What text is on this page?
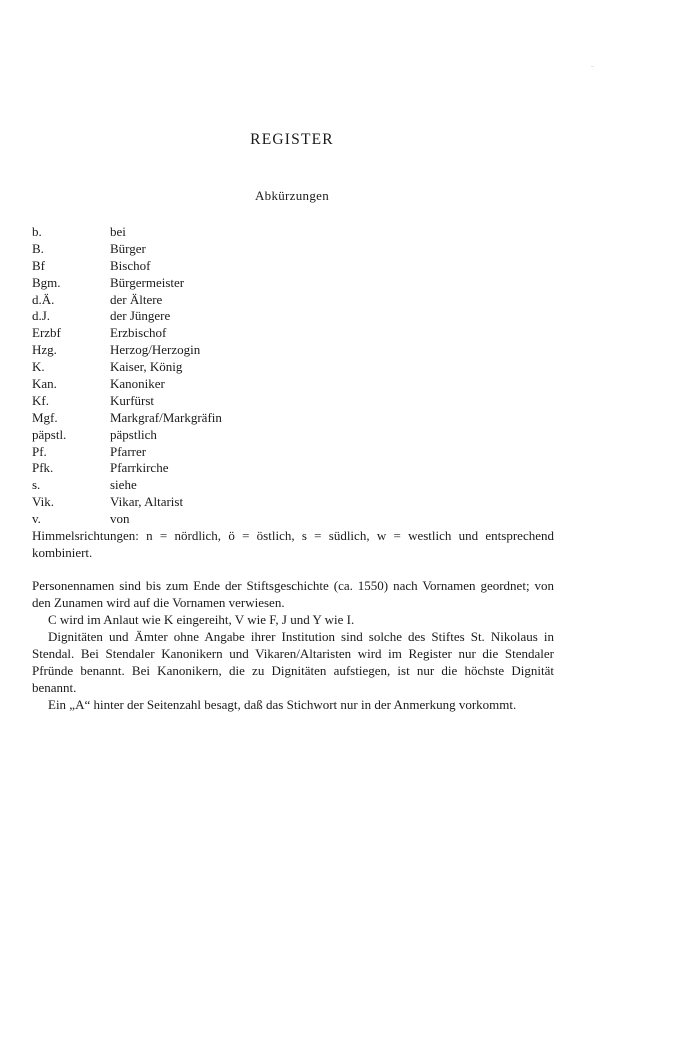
REGISTER
Abkürzungen
b.	bei
B.	Bürger
Bf	Bischof
Bgm.	Bürgermeister
d.Ä.	der Ältere
d.J.	der Jüngere
Erzbf	Erzbischof
Hzg.	Herzog/Herzogin
K.	Kaiser, König
Kan.	Kanoniker
Kf.	Kurfürst
Mgf.	Markgraf/Markgräfin
päpstl.	päpstlich
Pf.	Pfarrer
Pfk.	Pfarrkirche
s.	siehe
Vik.	Vikar, Altarist
v.	von

Himmelsrichtungen: n = nördlich, ö = östlich, s = südlich, w = westlich und entsprechend kombiniert.

Personennamen sind bis zum Ende der Stiftsgeschichte (ca. 1550) nach Vornamen geordnet; von den Zunamen wird auf die Vornamen verwiesen.

C wird im Anlaut wie K eingereiht, V wie F, J und Y wie I.

Dignitäten und Ämter ohne Angabe ihrer Institution sind solche des Stiftes St. Nikolaus in Stendal. Bei Stendaler Kanonikern und Vikaren/Altaristen wird im Register nur die Stendaler Pfründe benannt. Bei Kanonikern, die zu Dignitäten aufstiegen, ist nur die höchste Dignität benannt.

Ein „A“ hinter der Seitenzahl besagt, daß das Stichwort nur in der Anmerkung vorkommt.
